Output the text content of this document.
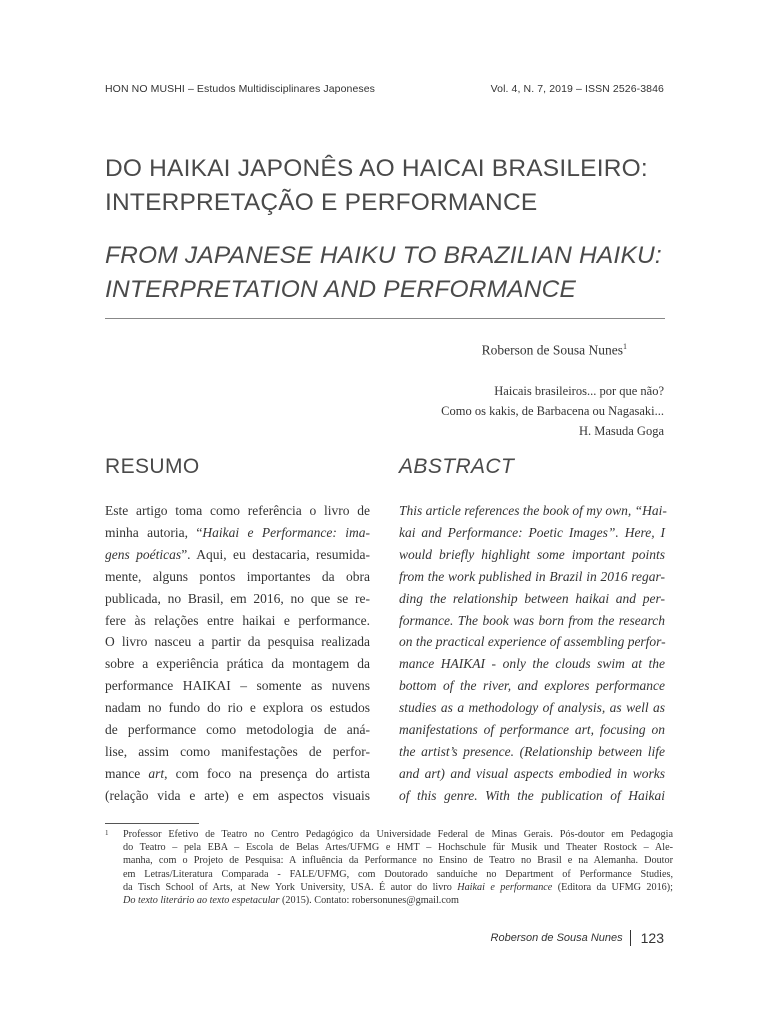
HON NO MUSHI – Estudos Multidisciplinares Japoneses	Vol. 4, N. 7, 2019 – ISSN 2526-3846
DO HAIKAI JAPONÊS AO HAICAI BRASILEIRO:
INTERPRETAÇÃO E PERFORMANCE
FROM JAPANESE HAIKU TO BRAZILIAN HAIKU:
INTERPRETATION AND PERFORMANCE
Roberson de Sousa Nunes$^1$
Haicais brasileiros... por que não?
Como os kakis, de Barbacena ou Nagasaki...
H. Masuda Goga
RESUMO	ABSTRACT
Este artigo toma como referência o livro de
minha autoria, “Haikai e Performance: ima-
gens poéticas”. Aqui, eu destacaria, resumida-
mente, alguns pontos importantes da obra
publicada, no Brasil, em 2016, no que se re-
fere às relações entre haikai e performance.
O livro nasceu a partir da pesquisa realizada
sobre a experiência prática da montagem da
performance HAIKAI – somente as nuvens
nadam no fundo do rio e explora os estudos
de performance como metodologia de aná-
lise, assim como manifestações de perfor-
mance art, com foco na presença do artista
(relação vida e arte) e em aspectos visuais
This article references the book of my own, “Hai-
kai and Performance: Poetic Images”. Here, I
would briefly highlight some important points
from the work published in Brazil in 2016 regar-
ding the relationship between haikai and per-
formance. The book was born from the research
on the practical experience of assembling perfor-
mance HAIKAI - only the clouds swim at the
bottom of the river, and explores performance
studies as a methodology of analysis, as well as
manifestations of performance art, focusing on
the artist’s presence. (Relationship between life
and art) and visual aspects embodied in works
of this genre. With the publication of Haikai
1 Professor Efetivo de Teatro no Centro Pedagógico da Universidade Federal de Minas Gerais. Pós-doutor em Pedagogia
do Teatro – pela EBA – Escola de Belas Artes/UFMG e HMT – Hochschule für Musik und Theater Rostock – Ale-
manha, com o Projeto de Pesquisa: A influência da Performance no Ensino de Teatro no Brasil e na Alemanha. Doutor
em Letras/Literatura Comparada - FALE/UFMG, com Doutorado sanduíche no Department of Performance Studies,
da Tisch School of Arts, at New York University, USA. É autor do livro Haikai e performance (Editora da UFMG 2016);
Do texto literário ao texto espetacular (2015). Contato: robersonunes@gmail.com
Roberson de Sousa Nunes 123
